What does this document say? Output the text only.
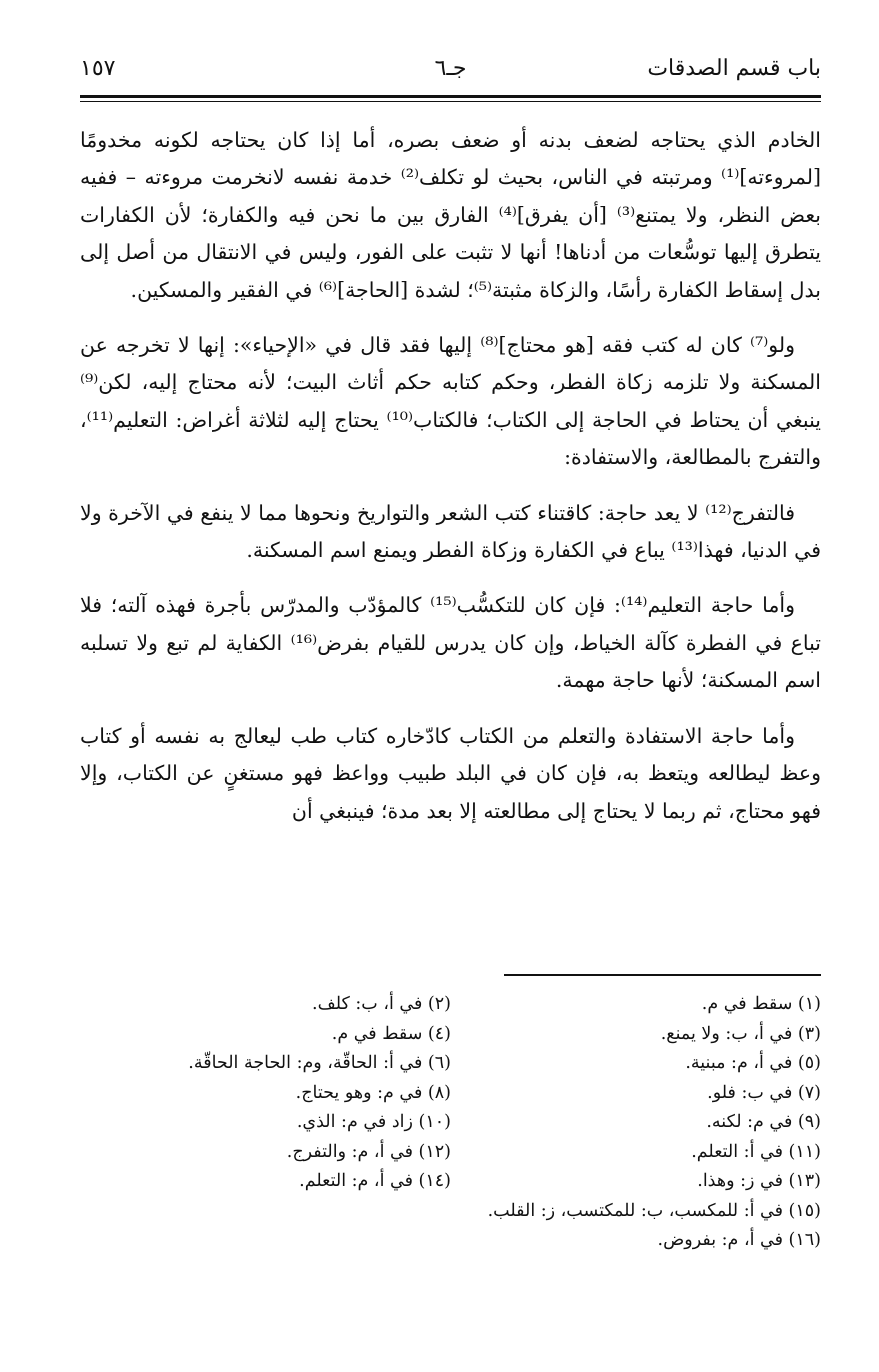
باب قسم الصدقات
جـ٦
١٥٧

الخادم الذي يحتاجه لضعف بدنه أو ضعف بصره، أما إذا كان يحتاجه لكونه مخدومًا [لمروءته]⁽¹⁾ ومرتبته في الناس، بحيث لو تكلف⁽²⁾ خدمة نفسه لانخرمت مروءته – ففيه بعض النظر، ولا يمتنع⁽³⁾ [أن يفرق]⁽⁴⁾ الفارق بين ما نحن فيه والكفارة؛ لأن الكفارات يتطرق إليها توسُّعات من أدناها! أنها لا تثبت على الفور، وليس في الانتقال من أصل إلى بدل إسقاط الكفارة رأسًا، والزكاة مثبتة⁽⁵⁾؛ لشدة [الحاجة]⁽⁶⁾ في الفقير والمسكين.

ولو⁽⁷⁾ كان له كتب فقه [هو محتاج]⁽⁸⁾ إليها فقد قال في «الإحياء»: إنها لا تخرجه عن المسكنة ولا تلزمه زكاة الفطر، وحكم كتابه حكم أثاث البيت؛ لأنه محتاج إليه، لكن⁽⁹⁾ ينبغي أن يحتاط في الحاجة إلى الكتاب؛ فالكتاب⁽¹⁰⁾ يحتاج إليه لثلاثة أغراض: التعليم⁽¹¹⁾، والتفرج بالمطالعة، والاستفادة:

فالتفرج⁽¹²⁾ لا يعد حاجة: كاقتناء كتب الشعر والتواريخ ونحوها مما لا ينفع في الآخرة ولا في الدنيا، فهذا⁽¹³⁾ يباع في الكفارة وزكاة الفطر ويمنع اسم المسكنة.

وأما حاجة التعليم⁽¹⁴⁾: فإن كان للتكسُّب⁽¹⁵⁾ كالمؤدّب والمدرّس بأجرة فهذه آلته؛ فلا تباع في الفطرة كآلة الخياط، وإن كان يدرس للقيام بفرض⁽¹⁶⁾ الكفاية لم تبع ولا تسلبه اسم المسكنة؛ لأنها حاجة مهمة.

وأما حاجة الاستفادة والتعلم من الكتاب كادّخاره كتاب طب ليعالج به نفسه أو كتاب وعظ ليطالعه ويتعظ به، فإن كان في البلد طبيب وواعظ فهو مستغنٍ عن الكتاب، وإلا فهو محتاج، ثم ربما لا يحتاج إلى مطالعته إلا بعد مدة؛ فينبغي أن

(١) سقط في م.
(٢) في أ، ب: كلف.
(٣) في أ، ب: ولا يمنع.
(٤) سقط في م.
(٥) في أ، م: مبنية.
(٦) في أ: الحاقّة، وم: الحاجة الحاقّة.
(٧) في ب: فلو.
(٨) في م: وهو يحتاج.
(٩) في م: لكنه.
(١٠) زاد في م: الذي.
(١١) في أ: التعلم.
(١٢) في أ، م: والتفرج.
(١٣) في ز: وهذا.
(١٤) في أ، م: التعلم.
(١٥) في أ: للمكسب، ب: للمكتسب، ز: القلب.
(١٦) في أ، م: بفروض.
